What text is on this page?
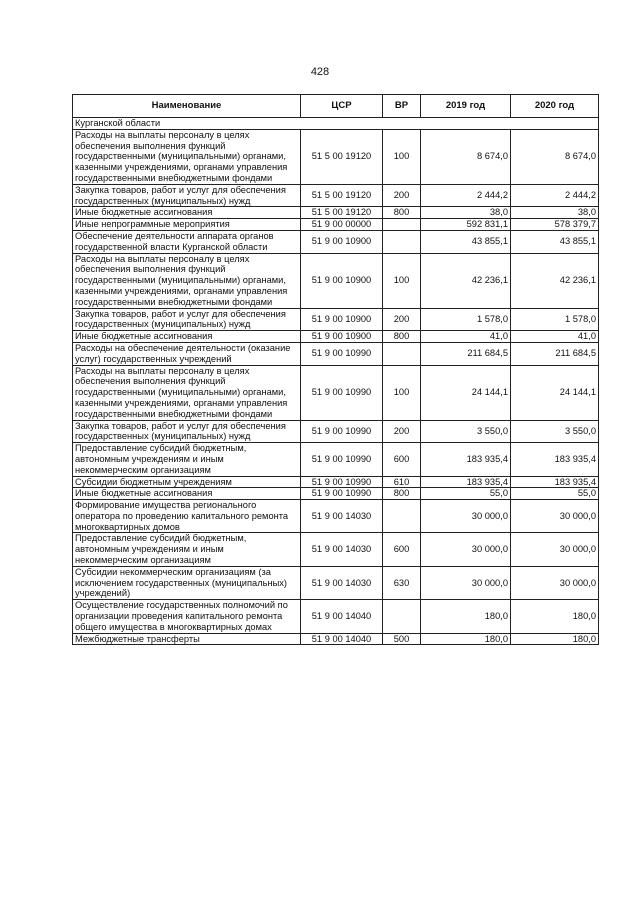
428
Наименование	ЦСР	ВР	2019 год	2020 год
Курганской области				
Расходы на выплаты персоналу в целях обеспечения выполнения функций государственными (муниципальными) органами, казенными учреждениями, органами управления государственными внебюджетными фондами	51 5 00 19120	100	8 674,0	8 674,0
Закупка товаров, работ и услуг для обеспечения государственных (муниципальных) нужд	51 5 00 19120	200	2 444,2	2 444,2
Иные бюджетные ассигнования	51 5 00 19120	800	38,0	38,0
Иные непрограммные мероприятия	51 9 00 00000		592 831,1	578 379,7
Обеспечение деятельности аппарата органов государственной власти Курганской области	51 9 00 10900		43 855,1	43 855,1
Расходы на выплаты персоналу в целях обеспечения выполнения функций государственными (муниципальными) органами, казенными учреждениями, органами управления государственными внебюджетными фондами	51 9 00 10900	100	42 236,1	42 236,1
Закупка товаров, работ и услуг для обеспечения государственных (муниципальных) нужд	51 9 00 10900	200	1 578,0	1 578,0
Иные бюджетные ассигнования	51 9 00 10900	800	41,0	41,0
Расходы на обеспечение деятельности (оказание услуг) государственных учреждений	51 9 00 10990		211 684,5	211 684,5
Расходы на выплаты персоналу в целях обеспечения выполнения функций государственными (муниципальными) органами, казенными учреждениями, органами управления государственными внебюджетными фондами	51 9 00 10990	100	24 144,1	24 144,1
Закупка товаров, работ и услуг для обеспечения государственных (муниципальных) нужд	51 9 00 10990	200	3 550,0	3 550,0
Предоставление субсидий бюджетным, автономным учреждениям и иным некоммерческим организациям	51 9 00 10990	600	183 935,4	183 935,4
Субсидии бюджетным учреждениям	51 9 00 10990	610	183 935,4	183 935,4
Иные бюджетные ассигнования	51 9 00 10990	800	55,0	55,0
Формирование имущества регионального оператора по проведению капитального ремонта многоквартирных домов	51 9 00 14030		30 000,0	30 000,0
Предоставление субсидий бюджетным, автономным учреждениям и иным некоммерческим организациям	51 9 00 14030	600	30 000,0	30 000,0
Субсидии некоммерческим организациям (за исключением государственных (муниципальных) учреждений)	51 9 00 14030	630	30 000,0	30 000,0
Осуществление государственных полномочий по организации проведения капитального ремонта общего имущества в многоквартирных домах	51 9 00 14040		180,0	180,0
Межбюджетные трансферты	51 9 00 14040	500	180,0	180,0
